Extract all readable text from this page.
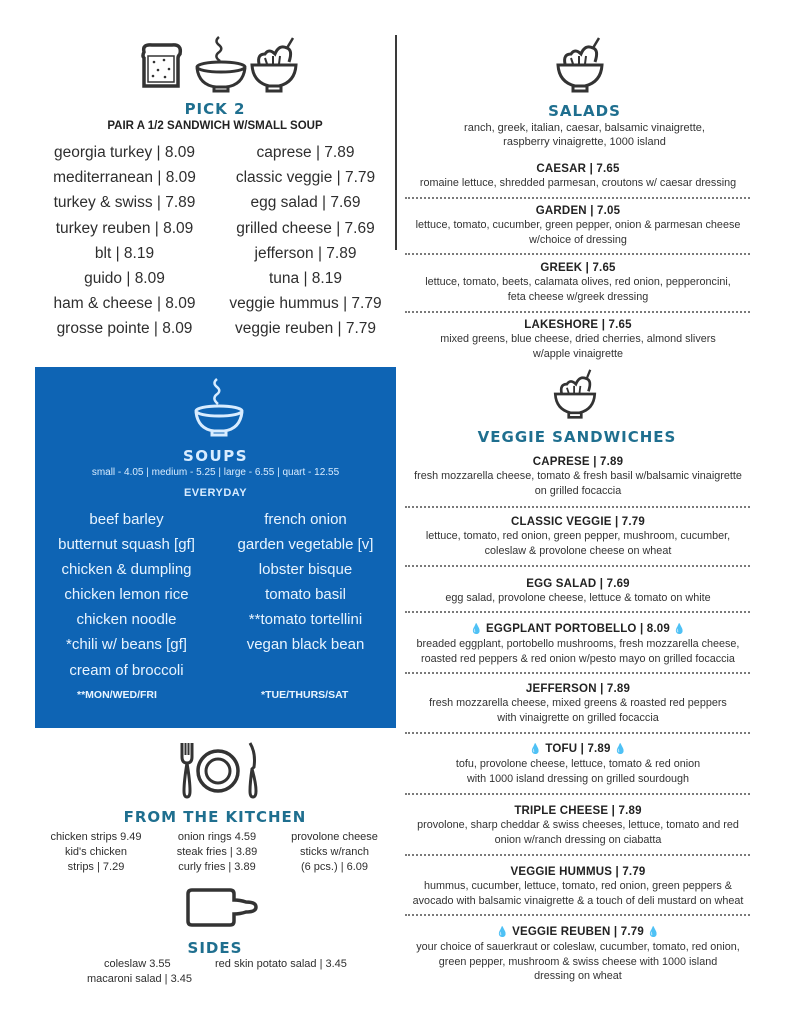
PICK 2
PAIR A 1/2 SANDWICH W/SMALL SOUP
georgia turkey | 8.09
mediterranean | 8.09
turkey & swiss | 7.89
turkey reuben | 8.09
blt | 8.19
guido | 8.09
ham & cheese | 8.09
grosse pointe | 8.09
caprese | 7.89
classic veggie | 7.79
egg salad | 7.69
grilled cheese | 7.69
jefferson | 7.89
tuna | 8.19
veggie hummus | 7.79
veggie reuben | 7.79
SOUPS
small - 4.05 | medium - 5.25 | large - 6.55 | quart - 12.55
EVERYDAY
beef barley
butternut squash [gf]
chicken & dumpling
chicken lemon rice
chicken noodle
*chili w/ beans [gf]
cream of broccoli
french onion
garden vegetable [v]
lobster bisque
tomato basil
**tomato tortellini
vegan black bean
**MON/WED/FRI	*TUE/THURS/SAT
FROM THE KITCHEN
chicken strips 9.49
kid's chicken
strips | 7.29
onion rings 4.59
steak fries | 3.89
curly fries | 3.89
provolone cheese
sticks w/ranch
(6 pcs.) | 6.09
SIDES
coleslaw 3.55	red skin potato salad | 3.45
macaroni salad | 3.45
SALADS
ranch, greek, italian, caesar, balsamic vinaigrette,
raspberry vinaigrette, 1000 island
CAESAR | 7.65
romaine lettuce, shredded parmesan, croutons w/ caesar dressing
GARDEN | 7.05
lettuce, tomato, cucumber, green pepper, onion & parmesan cheese
w/choice of dressing
GREEK | 7.65
lettuce, tomato, beets, calamata olives, red onion, pepperoncini,
feta cheese w/greek dressing
LAKESHORE | 7.65
mixed greens, blue cheese, dried cherries, almond slivers
w/apple vinaigrette
VEGGIE SANDWICHES
CAPRESE | 7.89
fresh mozzarella cheese, tomato & fresh basil w/balsamic vinaigrette
on grilled focaccia
CLASSIC VEGGIE | 7.79
lettuce, tomato, red onion, green pepper, mushroom, cucumber,
coleslaw & provolone cheese on wheat
EGG SALAD | 7.69
egg salad, provolone cheese, lettuce & tomato on white
💧 EGGPLANT PORTOBELLO | 8.09 💧
breaded eggplant, portobello mushrooms, fresh mozzarella cheese,
roasted red peppers & red onion w/pesto mayo on grilled focaccia
JEFFERSON | 7.89
fresh mozzarella cheese, mixed greens & roasted red peppers
with vinaigrette on grilled focaccia
💧 TOFU | 7.89 💧
tofu, provolone cheese, lettuce, tomato & red onion
with 1000 island dressing on grilled sourdough
TRIPLE CHEESE | 7.89
provolone, sharp cheddar & swiss cheeses, lettuce, tomato and red
onion w/ranch dressing on ciabatta
VEGGIE HUMMUS | 7.79
hummus, cucumber, lettuce, tomato, red onion, green peppers &
avocado with balsamic vinaigrette & a touch of deli mustard on wheat
💧 VEGGIE REUBEN | 7.79 💧
your choice of sauerkraut or coleslaw, cucumber, tomato, red onion,
green pepper, mushroom & swiss cheese with 1000 island
dressing on wheat
